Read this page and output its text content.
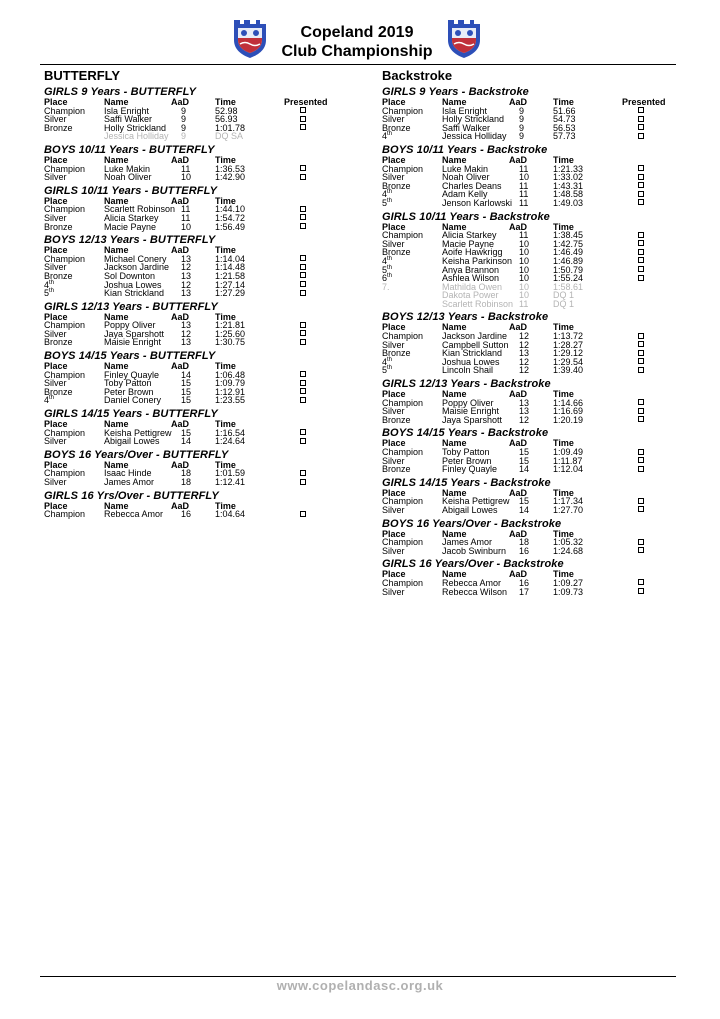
Copeland 2019
Club Championship
BUTTERFLY
GIRLS 9 Years - BUTTERFLY
Place	Name	AaD	Time	Presented
Champion Isla Enright	9	52.98
Silver	Saffi Walker	9	56.93
Bronze	Holly Strickland 9	1:01.78
Jessica Holliday 9	DQ SA
BOYS 10/11 Years - BUTTERFLY
Place	Name	AaD	Time
Champion Luke Makin	11	1:36.53
Silver	Noah Oliver	10	1:42.90
GIRLS 10/11 Years - BUTTERFLY
Place	Name	AaD	Time
Champion Scarlett Robinson 11	1:44.10
Silver	Alicia Starkey 11	1:54.72
Bronze	Macie Payne	10	1:56.49
BOYS 12/13 Years - BUTTERFLY
Place	Name	AaD	Time
Champion Michael Conery 13	1:14.04
Silver	Jackson Jardine 12	1:14.48
Bronze	Sol Downton	13	1:21.58
4th	Joshua Lowes 12	1:27.14
5th	Kian Strickland 13	1:27.29
GIRLS 12/13 Years - BUTTERFLY
Place	Name	AaD	Time
Champion Poppy Oliver	13	1:21.81
Silver	Jaya Sparshott 12	1:25.60
Bronze	Maisie Enright 13	1:30.75
BOYS 14/15 Years - BUTTERFLY
Place	Name	AaD	Time
Champion Finley Quayle 14	1:06.48
Silver	Toby Patton	15	1:09.79
Bronze	Peter Brown	15	1:12.91
4th	Daniel Conery 15	1:23.55
GIRLS 14/15 Years - BUTTERFLY
Place	Name	AaD	Time
Champion Keisha Pettigrew 15	1:16.54
Silver	Abigail Lowes 14	1:24.64
BOYS 16 Years/Over - BUTTERFLY
Place	Name	AaD	Time
Champion Isaac Hinde	18	1:01.59
Silver	James Amor	18	1:12.41
GIRLS 16 Yrs/Over - BUTTERFLY
Place	Name	AaD	Time
Champion Rebecca Amor 16	1:04.64
Backstroke
GIRLS 9 Years - Backstroke
Place	Name	AaD	Time	Presented
Champion Isla Enright	9	51.66
Silver	Holly Strickland 9	54.73
Bronze	Saffi Walker	9	56.53
4th	Jessica Holliday 9	57.73
BOYS 10/11 Years - Backstroke
Place	Name	AaD	Time
Champion Luke Makin	11	1:21.33
Silver	Noah Oliver	10	1:33.02
Bronze	Charles Deans 11	1:43.31
4th	Adam Kelly	11	1:48.58
5th	Jenson Karlowski 11	1:49.03
GIRLS 10/11 Years - Backstroke
Place	Name	AaD	Time
Champion Alicia Starkey 11	1:38.45
Silver	Macie Payne	10	1:42.75
Bronze	Aoife Hawkrigg 10	1:46.49
4th	Keisha Parkinson 10	1:46.89
5th	Anya Brannon 10	1:50.79
6th	Ashlea Wilson 10	1:55.24
7.	Mathilda Owen 10	1:58.61
Dakota Power 10	DQ 1
Scarlett Robinson 11	DQ 1
BOYS 12/13 Years - Backstroke
Place	Name	AaD	Time
Champion Jackson Jardine 12	1:13.72
Silver	Campbell Sutton 12	1:28.27
Bronze	Kian Strickland 13	1:29.12
4th	Joshua Lowes 12	1:29.54
5th	Lincoln Shail	12	1:39.40
GIRLS 12/13 Years - Backstroke
Place	Name	AaD	Time
Champion Poppy Oliver	13	1:14.66
Silver	Maisie Enright 13	1:16.69
Bronze	Jaya Sparshott 12	1:20.19
BOYS 14/15 Years - Backstroke
Place	Name	AaD	Time
Champion Toby Patton	15	1:09.49
Silver	Peter Brown	15	1:11.87
Bronze	Finley Quayle 14	1:12.04
GIRLS 14/15 Years - Backstroke
Place	Name	AaD	Time
Champion Keisha Pettigrew 15	1:17.34
Silver	Abigail Lowes 14	1:27.70
BOYS 16 Years/Over - Backstroke
Place	Name	AaD	Time
Champion James Amor	18	1:05.32
Silver	Jacob Swinburn 16	1:24.68
GIRLS 16 Years/Over - Backstroke
Place	Name	AaD	Time
Champion Rebecca Amor 16	1:09.27
Silver	Rebecca Wilson 17	1:09.73
www.copelandasc.org.uk
